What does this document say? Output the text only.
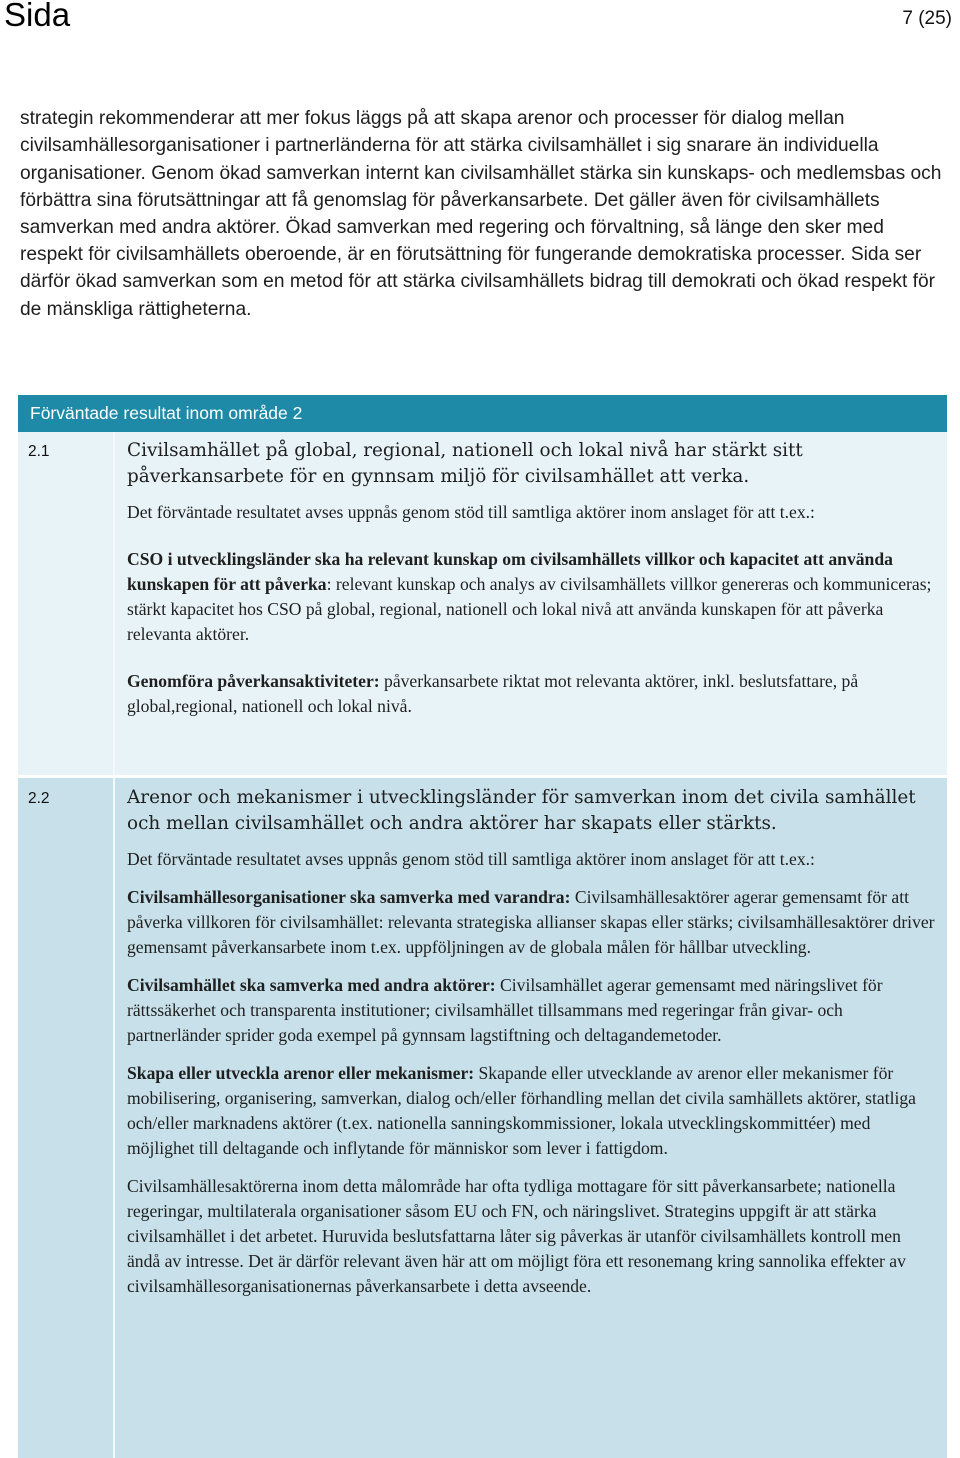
Sida	7 (25)

strategin rekommenderar att mer fokus läggs på att skapa arenor och processer för dialog mellan civilsamhällesorganisationer i partnerländerna för att stärka civilsamhället i sig snarare än individuella organisationer. Genom ökad samverkan internt kan civilsamhället stärka sin kunskaps- och medlemsbas och förbättra sina förutsättningar att få genomslag för påverkansarbete. Det gäller även för civilsamhällets samverkan med andra aktörer. Ökad samverkan med regering och förvaltning, så länge den sker med respekt för civilsamhällets oberoende, är en förutsättning för fungerande demokratiska processer. Sida ser därför ökad samverkan som en metod för att stärka civilsamhällets bidrag till demokrati och ökad respekt för de mänskliga rättigheterna.

Förväntade resultat inom område 2
2.1	Civilsamhället på global, regional, nationell och lokal nivå har stärkt sitt påverkansarbete för en gynnsam miljö för civilsamhället att verka.

Det förväntade resultatet avses uppnås genom stöd till samtliga aktörer inom anslaget för att t.ex.:

CSO i utvecklingsländer ska ha relevant kunskap om civilsamhällets villkor och kapacitet att använda kunskapen för att påverka: relevant kunskap och analys av civilsamhällets villkor genereras och kommuniceras; stärkt kapacitet hos CSO på global, regional, nationell och lokal nivå att använda kunskapen för att påverka relevanta aktörer.

Genomföra påverkansaktiviteter: påverkansarbete riktat mot relevanta aktörer, inkl. beslutsfattare, på global,regional, nationell och lokal nivå.

2.2	Arenor och mekanismer i utvecklingsländer för samverkan inom det civila samhället och mellan civilsamhället och andra aktörer har skapats eller stärkts.

Det förväntade resultatet avses uppnås genom stöd till samtliga aktörer inom anslaget för att t.ex.:

Civilsamhällesorganisationer ska samverka med varandra: Civilsamhällesaktörer agerar gemensamt för att påverka villkoren för civilsamhället: relevanta strategiska allianser skapas eller stärks; civilsamhällesaktörer driver gemensamt påverkansarbete inom t.ex. uppföljningen av de globala målen för hållbar utveckling.

Civilsamhället ska samverka med andra aktörer: Civilsamhället agerar gemensamt med näringslivet för rättssäkerhet och transparenta institutioner; civilsamhället tillsammans med regeringar från givar- och partnerländer sprider goda exempel på gynnsam lagstiftning och deltagandemetoder.

Skapa eller utveckla arenor eller mekanismer: Skapande eller utvecklande av arenor eller mekanismer för mobilisering, organisering, samverkan, dialog och/eller förhandling mellan det civila samhällets aktörer, statliga och/eller marknadens aktörer (t.ex. nationella sanningskommissioner, lokala utvecklingskommittéer) med möjlighet till deltagande och inflytande för människor som lever i fattigdom.

Civilsamhällesaktörerna inom detta målområde har ofta tydliga mottagare för sitt påverkansarbete; nationella regeringar, multilaterala organisationer såsom EU och FN, och näringslivet. Strategins uppgift är att stärka civilsamhället i det arbetet. Huruvida beslutsfattarna låter sig påverkas är utanför civilsamhällets kontroll men ändå av intresse. Det är därför relevant även här att om möjligt föra ett resonemang kring sannolika effekter av civilsamhällesorganisationernas påverkansarbete i detta avseende.
